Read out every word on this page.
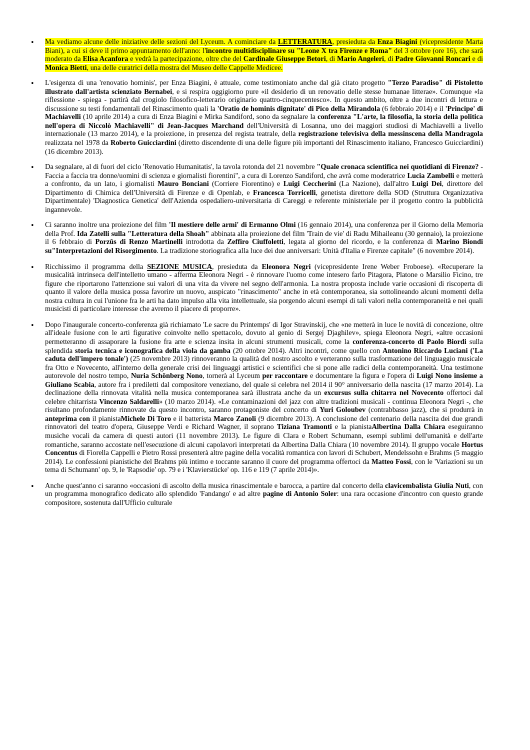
• Ma vediamo alcune delle iniziative delle sezioni del Lyceum. A cominciare da LETTERATURA, presieduta da Enza Biagini (vicepresidente Marta Biani), a cui si deve il primo appuntamento dell'anno: l'incontro multidisciplinare su "Leone X tra Firenze e Roma" del 3 ottobre (ore 16), che sarà moderato da Elisa Acanfora e vedrà la partecipazione, oltre che del Cardinale Giuseppe Betori, di Mario Angeleri, di Padre Giovanni Roncari e di Monica Bietti, una delle curatrici della mostra del Museo delle Cappelle Medicee.

• L'esigenza di una 'renovatio hominis', per Enza Biagini, è attuale, come testimoniato anche dal già citato progetto "Terzo Paradiso" di Pistoletto illustrato dall'artista scienziato Bernabei, e si respira oggigiorno pure «il desiderio di un renovatio delle stesse humanae litterae». Comunque «la riflessione - spiega - partirà dal crogiolo filosofico-letterario originario quattro-cinquecentesco». In questo ambito, oltre a due incontri di lettura e discussione su testi fondamentali del Rinascimento quali la 'Oratio de hominis dignitate' di Pico della Mirandola (6 febbraio 2014) e il 'Principe' di Machiavelli (10 aprile 2014) a cura di Enza Biagini e Mirka Sandiford, sono da segnalare la conferenza "L'arte, la filosofia, la storia della politica nell'opera di Niccolò Machiavelli" di Jean-Jacques Marchand dell'Università di Losanna, uno dei maggiori studiosi di Machiavelli a livello internazionale (13 marzo 2014), e la proiezione, in presenza del regista teatrale, della registrazione televisiva della messinscena della Mandragola realizzata nel 1978 da Roberto Guicciardini (diretto discendente di una delle figure più importanti del Rinascimento italiano, Francesco Guicciardini) (16 dicembre 2013).

• Da segnalare, al di fuori del ciclo 'Renovatio Humanitatis', la tavola rotonda del 21 novembre "Quale cronaca scientifica nei quotidiani di Firenze? - Faccia a faccia tra donne/uomini di scienza e giornalisti fiorentini", a cura di Lorenzo Sandiford, che avrà come moderatrice Lucia Zambelli e metterà a confronto, da un lato, i giornalisti Mauro Bonciani (Corriere Fiorentino) e Luigi Ceccherini (La Nazione), dall'altro Luigi Dei, direttore del Dipartimento di Chimica dell'Università di Firenze e di Openlab, e Francesca Torricelli, genetista direttore della SOD (Struttura Organizzativa Dipartimentale) 'Diagnostica Genetica' dell'Azienda ospedaliero-universitaria di Careggi e referente ministeriale per il progetto contro la pubblicità ingannevole.

• Ci saranno inoltre una proiezione del film 'Il mestiere delle armi' di Ermanno Olmi (16 gennaio 2014), una conferenza per il Giorno della Memoria della Prof. Ida Zatelli sulla "Letteratura della Shoah" abbinata alla proiezione del film 'Train de vie' di Radu Mihaileanu (30 gennaio), la proiezione il 6 febbraio di Porzûs di Renzo Martinelli introdotta da Zeffiro Ciuffoletti, legata al giorno del ricordo, e la conferenza di Marino Biondi su"Interpretazioni del Risorgimento. La tradizione storiografica alla luce dei due anniversari: Unità d'Italia e Firenze capitale" (6 novembre 2014).

• Ricchissimo il programma della SEZIONE MUSICA, presieduta da Eleonora Negri (vicepresidente Irene Weber Froboese). «Recuperare la musicalità intrinseca dell'intelletto umano - afferma Eleonora Negri - è rinnovare l'uomo come intesero farlo Pitagora, Platone o Marsilio Ficino, tre figure che riportarono l'attenzione sui valori di una vita da vivere nel segno dell'armonia. La nostra proposta include varie occasioni di riscoperta di quanto il valore della musica possa favorire un nuovo, auspicato "rinascimento" anche in età contemporanea, sia sottolineando alcuni momenti della nostra cultura in cui l'unione fra le arti ha dato impulso alla vita intellettuale, sia porgendo alcuni esempi di tali valori nella contemporaneità e nei quali musicisti di particolare interesse che avremo il piacere di proporre».

• Dopo l'inaugurale concerto-conferenza già richiamato 'Le sacre du Printemps' di Igor Stravinskij, che «ne metterà in luce le novità di concezione, oltre all'ideale fusione con le arti figurative coinvolte nello spettacolo, dovuto al genio di Sergej Djaghilev», spiega Eleonora Negri, «altre occasioni permetteranno di assaporare la fusione fra arte e scienza insita in alcuni strumenti musicali, come la conferenza-concerto di Paolo Biordi sulla splendida storia tecnica e iconografica della viola da gamba (20 ottobre 2014). Altri incontri, come quello con Antonino Riccardo Luciani ('La caduta dell'impero tonale') (25 novembre 2013) rinnoveranno la qualità del nostro ascolto e verteranno sulla trasformazione del linguaggio musicale fra Otto e Novecento, all'interno della generale crisi dei linguaggi artistici e scientifici che si pone alle radici della contemporaneità. Una testimone autorevole del nostro tempo, Nuria Schönberg Nono, tornerà al Lyceum per raccontare e documentare la figura e l'opera di Luigi Nono insieme a Giuliano Scabia, autore fra i prediletti dal compositore veneziano, del quale si celebra nel 2014 il 90° anniversario della nascita (17 marzo 2014). La declinazione della rinnovata vitalità nella musica contemporanea sarà illustrata anche da un excursus sulla chitarra nel Novecento offertoci dal celebre chitarrista Vincenzo Saldarelli» (10 marzo 2014). «Le contaminazioni del jazz con altre tradizioni musicali - continua Eleonora Negri -, che risultano profondamente rinnovate da questo incontro, saranno protagoniste del concerto di Yuri Goloubev (contrabbasso jazz), che si produrrà in anteprima con il pianistaMichele Di Toro e il batterista Marco Zanoli (9 dicembre 2013). A conclusione del centenario della nascita dei due grandi rinnovatori del teatro d'opera, Giuseppe Verdi e Richard Wagner, il soprano Tiziana Tramonti e la pianistaAlbertina Dalla Chiara eseguiranno musiche vocali da camera di questi autori (11 novembre 2013). Le figure di Clara e Robert Schumann, esempi sublimi dell'umanità e dell'arte romantiche, saranno accostate nell'esecuzione di alcuni capolavori interpretati da Albertina Dalla Chiara (10 novembre 2014). Il gruppo vocale Hortus Concentus di Fiorella Cappelli e Pietro Rossi presenterà altre pagine della vocalità romantica con lavori di Schubert, Mendelssohn e Brahms (5 maggio 2014). Le confessioni pianistiche del Brahms più intimo e toccante saranno il cuore del programma offertoci da Matteo Fossi, con le 'Variazioni su un tema di Schumann' op. 9, le 'Rapsodie' op. 79 e i 'Klavierstücke' op. 116 e 119 (7 aprile 2014)».

• Anche quest'anno ci saranno «occasioni di ascolto della musica rinascimentale e barocca, a partire dal concerto della clavicembalista Giulia Nuti, con un programma monografico dedicato allo splendido 'Fandango' e ad altre pagine di Antonio Soler: una rara occasione d'incontro con questo grande compositore, sostenuta dall'Ufficio culturale
